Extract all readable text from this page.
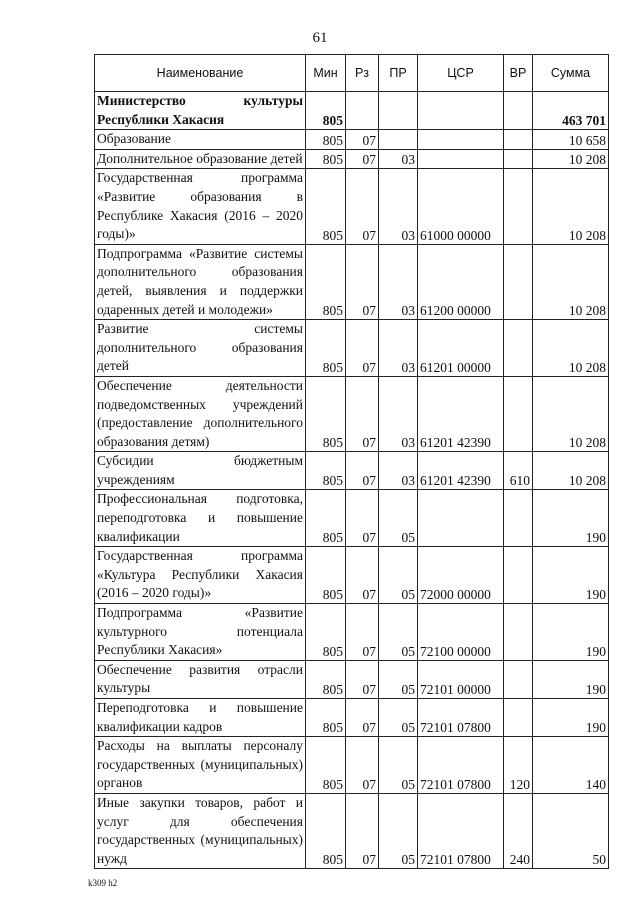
61
Наименование	Мин	Рз	ПР	ЦСР	ВР	Сумма
Министерство культуры Республики Хакасия	805					463 701
Образование	805	07				10 658
Дополнительное образование детей	805	07	03			10 208
Государственная программа «Развитие образования в Республике Хакасия (2016 – 2020 годы)»	805	07	03	61000 00000		10 208
Подпрограмма «Развитие системы дополнительного образования детей, выявления и поддержки одаренных детей и молодежи»	805	07	03	61200 00000		10 208
Развитие системы дополнительного образования детей	805	07	03	61201 00000		10 208
Обеспечение деятельности подведомственных учреждений (предоставление дополнительного образования детям)	805	07	03	61201 42390		10 208
Субсидии бюджетным учреждениям	805	07	03	61201 42390	610	10 208
Профессиональная подготовка, переподготовка и повышение квалификации	805	07	05			190
Государственная программа «Культура Республики Хакасия (2016 – 2020 годы)»	805	07	05	72000 00000		190
Подпрограмма «Развитие культурного потенциала Республики Хакасия»	805	07	05	72100 00000		190
Обеспечение развития отрасли культуры	805	07	05	72101 00000		190
Переподготовка и повышение квалификации кадров	805	07	05	72101 07800		190
Расходы на выплаты персоналу государственных (муниципальных) органов	805	07	05	72101 07800	120	140
Иные закупки товаров, работ и услуг для обеспечения государственных (муниципальных) нужд	805	07	05	72101 07800	240	50
k309 h2
